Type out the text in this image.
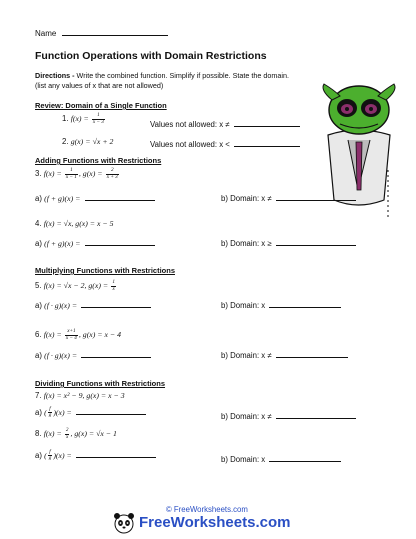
Name
Function Operations with Domain Restrictions
Directions - Write the combined function. Simplify if possible. State the domain.
(list any values of x that are not allowed)
Review: Domain of a Single Function
1. $f(x) = \frac{1}{x - 3}$	Values not allowed: x ≠
2. g(x) = √x + 2	Values not allowed: x <
Adding Functions with Restrictions
3. $f(x) = \frac{1}{x - 1}$ , $g(x) = \frac{2}{x + 3}$
a) (f + g)(x) =	b) Domain: x ≠
4. f(x) = √x, g(x) = x − 5
a) (f + g)(x) =	b) Domain: x ≥
Multiplying Functions with Restrictions
5. f(x) = √x − 2, $g(x) = \frac{1}{x}$
a) (f · g)(x) =	b) Domain: x
6. $f(x) = \frac{x+1}{x - 4}$ , g(x) = x − 4
a) (f · g)(x) =	b) Domain: x ≠
Dividing Functions with Restrictions
7. f(x) = x² − 9, g(x) = x − 3
a) ( $\frac{f}{g} )(x)$ =	b) Domain: x ≠
8. $f(x) = \frac{2}{x}$ , g(x) = √x − 1
a) ( $\frac{f}{g} )(x)$ =	b) Domain: x
© FreeWorksheets.com
FreeWorksheets.com
